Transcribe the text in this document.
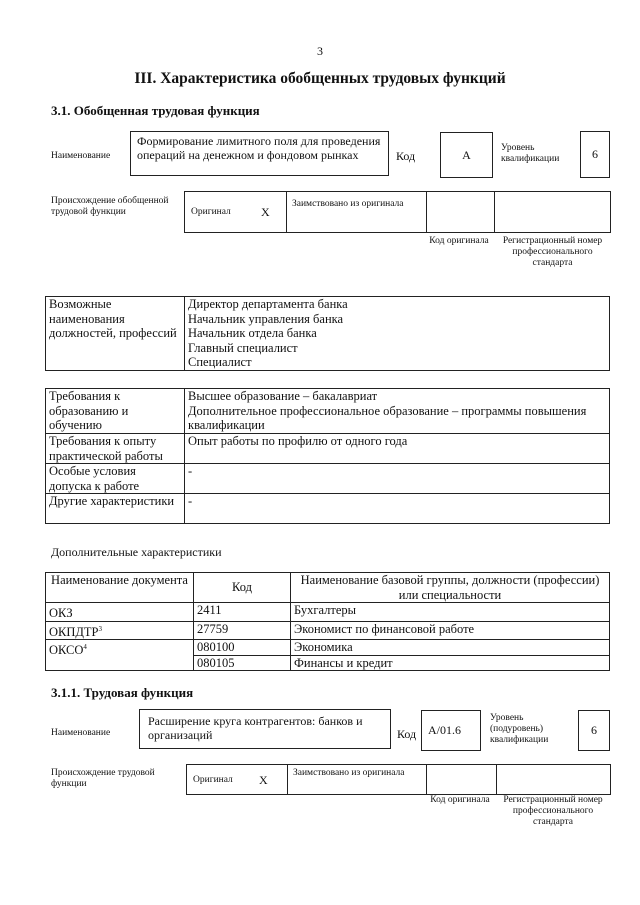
3
III. Характеристика обобщенных трудовых функций
3.1. Обобщенная трудовая функция
Наименование
Формирование лимитного поля для проведения операций на денежном и фондовом рынках	Код	А	Уровень квалификации	6
Происхождение обобщенной трудовой функции	Оригинал	Х
Заимствовано из оригинала
Код оригинала	Регистрационный номер профессионального стандарта
Возможные наименования должностей, профессий	
Директор департамента банка
Начальник управления банка
Начальник отдела банка
Главный специалист
Специалист
Требования к образованию и обучению	Высшее образование – бакалавриат
Дополнительное профессиональное образование – программы повышения квалификации
Требования к опыту практической работы	Опыт работы по профилю от одного года
Особые условия допуска к работе	-
Другие характеристики	-
Дополнительные характеристики
Наименование документа	Код	Наименование базовой группы, должности (профессии) или специальности
ОКЗ	2411	Бухгалтеры
ОКПДТР$^3$	27759	Экономист по финансовой работе
ОКСО$^4$	080100	Экономика
	080105	Финансы и кредит
3.1.1. Трудовая функция
Наименование
Расширение круга контрагентов: банков и организаций	Код А/01.6
Уровень (подуровень) квалификации
6
Происхождение трудовой функции	Оригинал Х	Заимствовано из оригинала
Код оригинала	Регистрационный номер профессионального стандарта
